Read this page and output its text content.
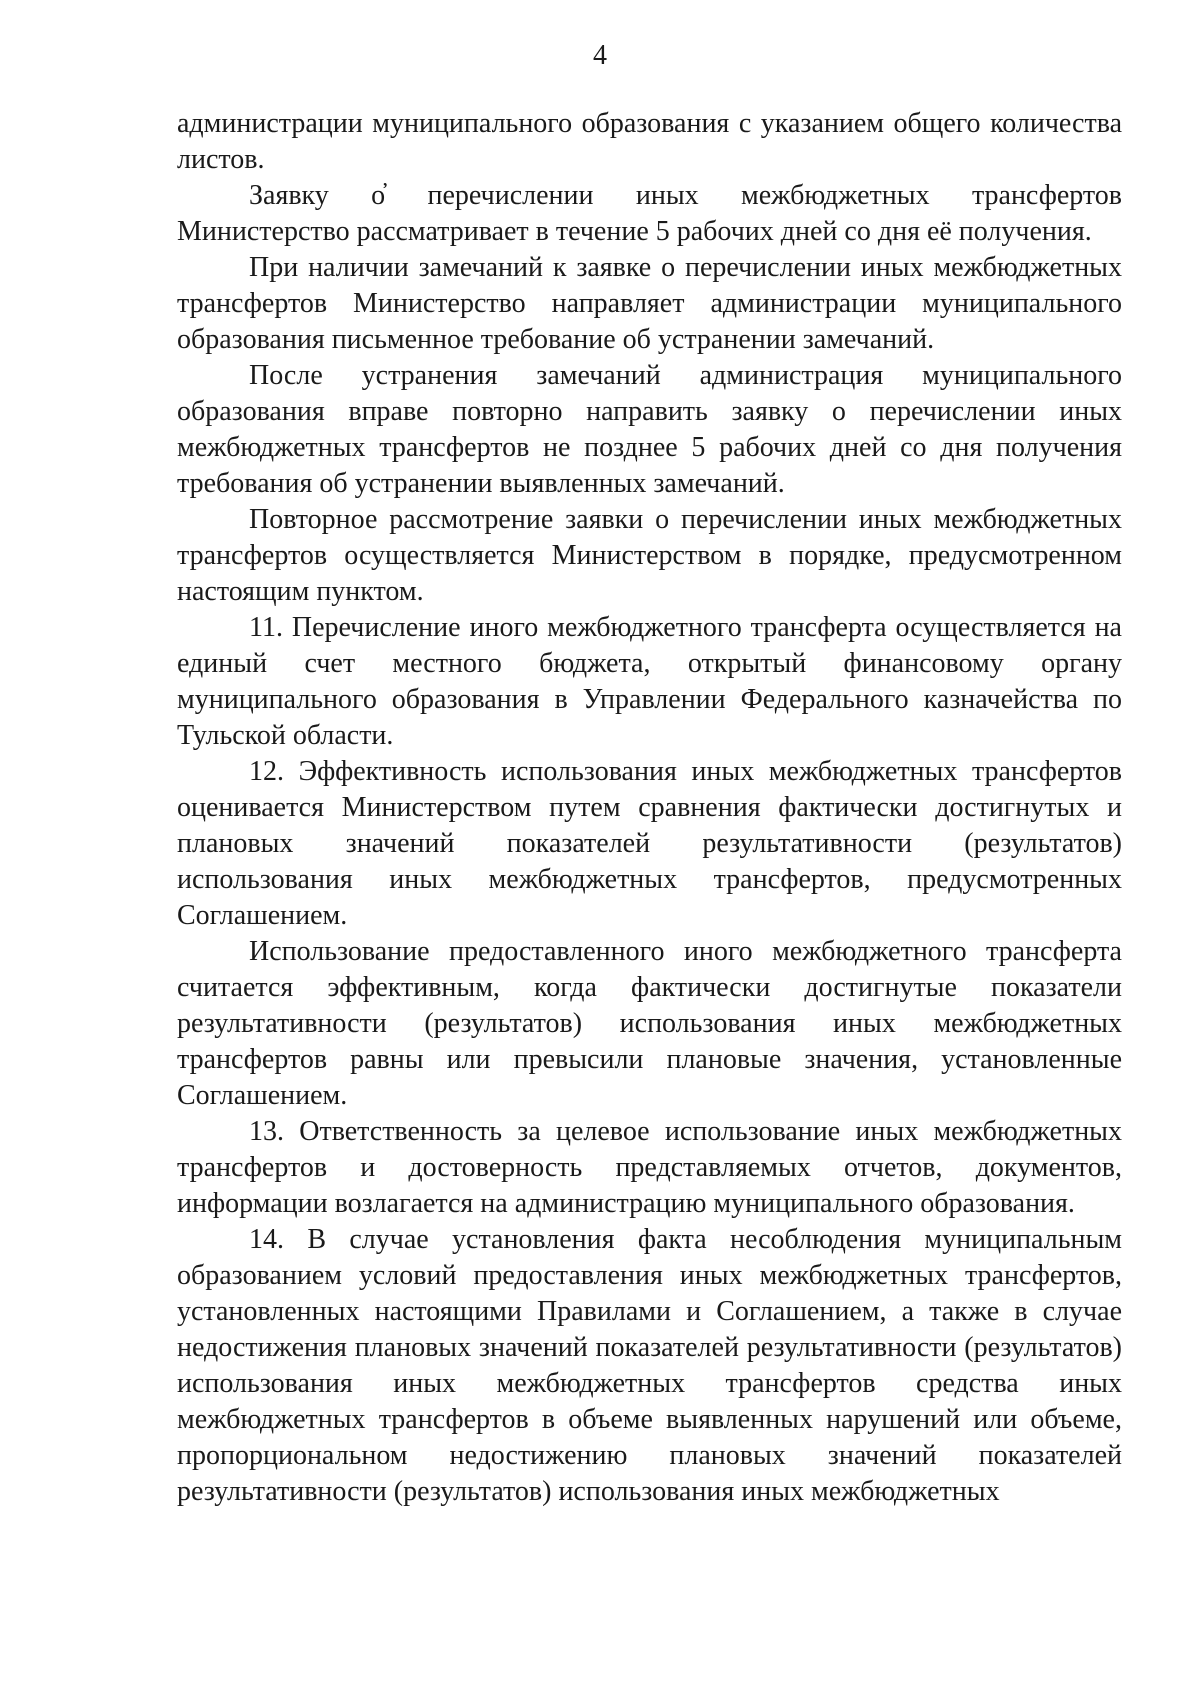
4

администрации муниципального образования с указанием общего количества листов.

Заявку о̓ перечислении иных межбюджетных трансфертов Министерство рассматривает в течение 5 рабочих дней со дня её получения.

При наличии замечаний к заявке о перечислении иных межбюджетных трансфертов Министерство направляет администрации муниципального образования письменное требование об устранении замечаний.

После устранения замечаний администрация муниципального образования вправе повторно направить заявку о перечислении иных межбюджетных трансфертов не позднее 5 рабочих дней со дня получения требования об устранении выявленных замечаний.

Повторное рассмотрение заявки о перечислении иных межбюджетных трансфертов осуществляется Министерством в порядке, предусмотренном настоящим пунктом.

11. Перечисление иного межбюджетного трансферта осуществляется на единый счет местного бюджета, открытый финансовому органу муниципального образования в Управлении Федерального казначейства по Тульской области.

12. Эффективность использования иных межбюджетных трансфертов оценивается Министерством путем сравнения фактически достигнутых и плановых значений показателей результативности (результатов) использования иных межбюджетных трансфертов, предусмотренных Соглашением.

Использование предоставленного иного межбюджетного трансферта считается эффективным, когда фактически достигнутые показатели результативности (результатов) использования иных межбюджетных трансфертов равны или превысили плановые значения, установленные Соглашением.

13. Ответственность за целевое использование иных межбюджетных трансфертов и достоверность представляемых отчетов, документов, информации возлагается на администрацию муниципального образования.

14. В случае установления факта несоблюдения муниципальным образованием условий предоставления иных межбюджетных трансфертов, установленных настоящими Правилами и Соглашением, а также в случае недостижения плановых значений показателей результативности (результатов) использования иных межбюджетных трансфертов средства иных межбюджетных трансфертов в объеме выявленных нарушений или объеме, пропорциональном недостижению плановых значений показателей результативности (результатов) использования иных межбюджетных
